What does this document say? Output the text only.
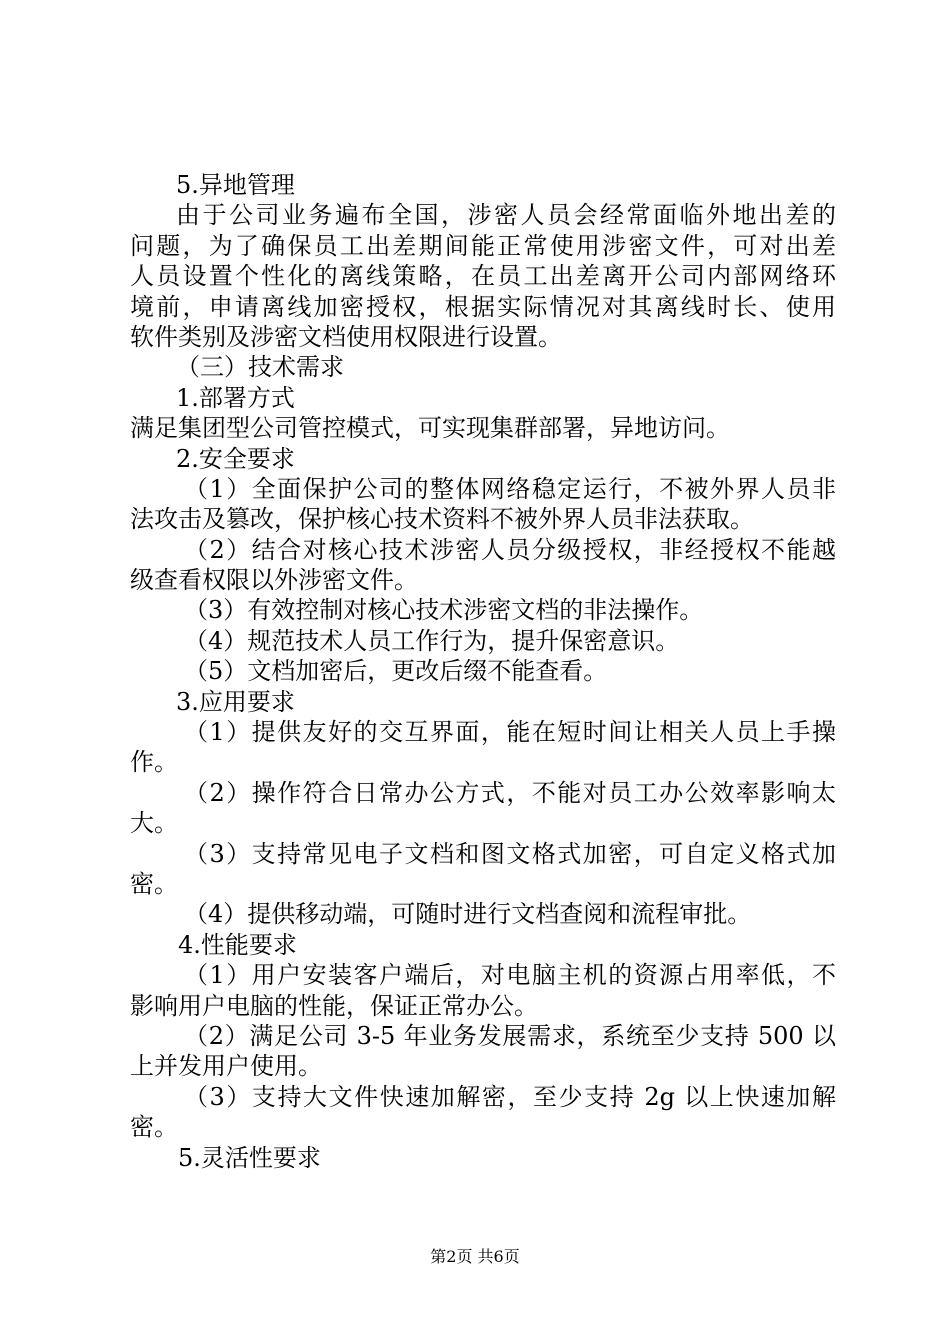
5.异地管理
由于公司业务遍布全国，涉密人员会经常面临外地出差的
问题，为了确保员工出差期间能正常使用涉密文件，可对出差
人员设置个性化的离线策略，在员工出差离开公司内部网络环
境前，申请离线加密授权，根据实际情况对其离线时长、使用
软件类别及涉密文档使用权限进行设置。
（三）技术需求
1.部署方式
满足集团型公司管控模式，可实现集群部署，异地访问。
2.安全要求
（1）全面保护公司的整体网络稳定运行，不被外界人员非
法攻击及篡改，保护核心技术资料不被外界人员非法获取。
（2）结合对核心技术涉密人员分级授权，非经授权不能越
级查看权限以外涉密文件。
（3）有效控制对核心技术涉密文档的非法操作。
（4）规范技术人员工作行为，提升保密意识。
（5）文档加密后，更改后缀不能查看。
3.应用要求
（1）提供友好的交互界面，能在短时间让相关人员上手操
作。
（2）操作符合日常办公方式，不能对员工办公效率影响太
大。
（3）支持常见电子文档和图文格式加密，可自定义格式加
密。
（4）提供移动端，可随时进行文档查阅和流程审批。
4.性能要求
（1）用户安装客户端后，对电脑主机的资源占用率低，不
影响用户电脑的性能，保证正常办公。
（2）满足公司 3-5 年业务发展需求，系统至少支持 500 以
上并发用户使用。
（3）支持大文件快速加解密，至少支持 2g 以上快速加解
密。
5.灵活性要求
第2页 共6页
